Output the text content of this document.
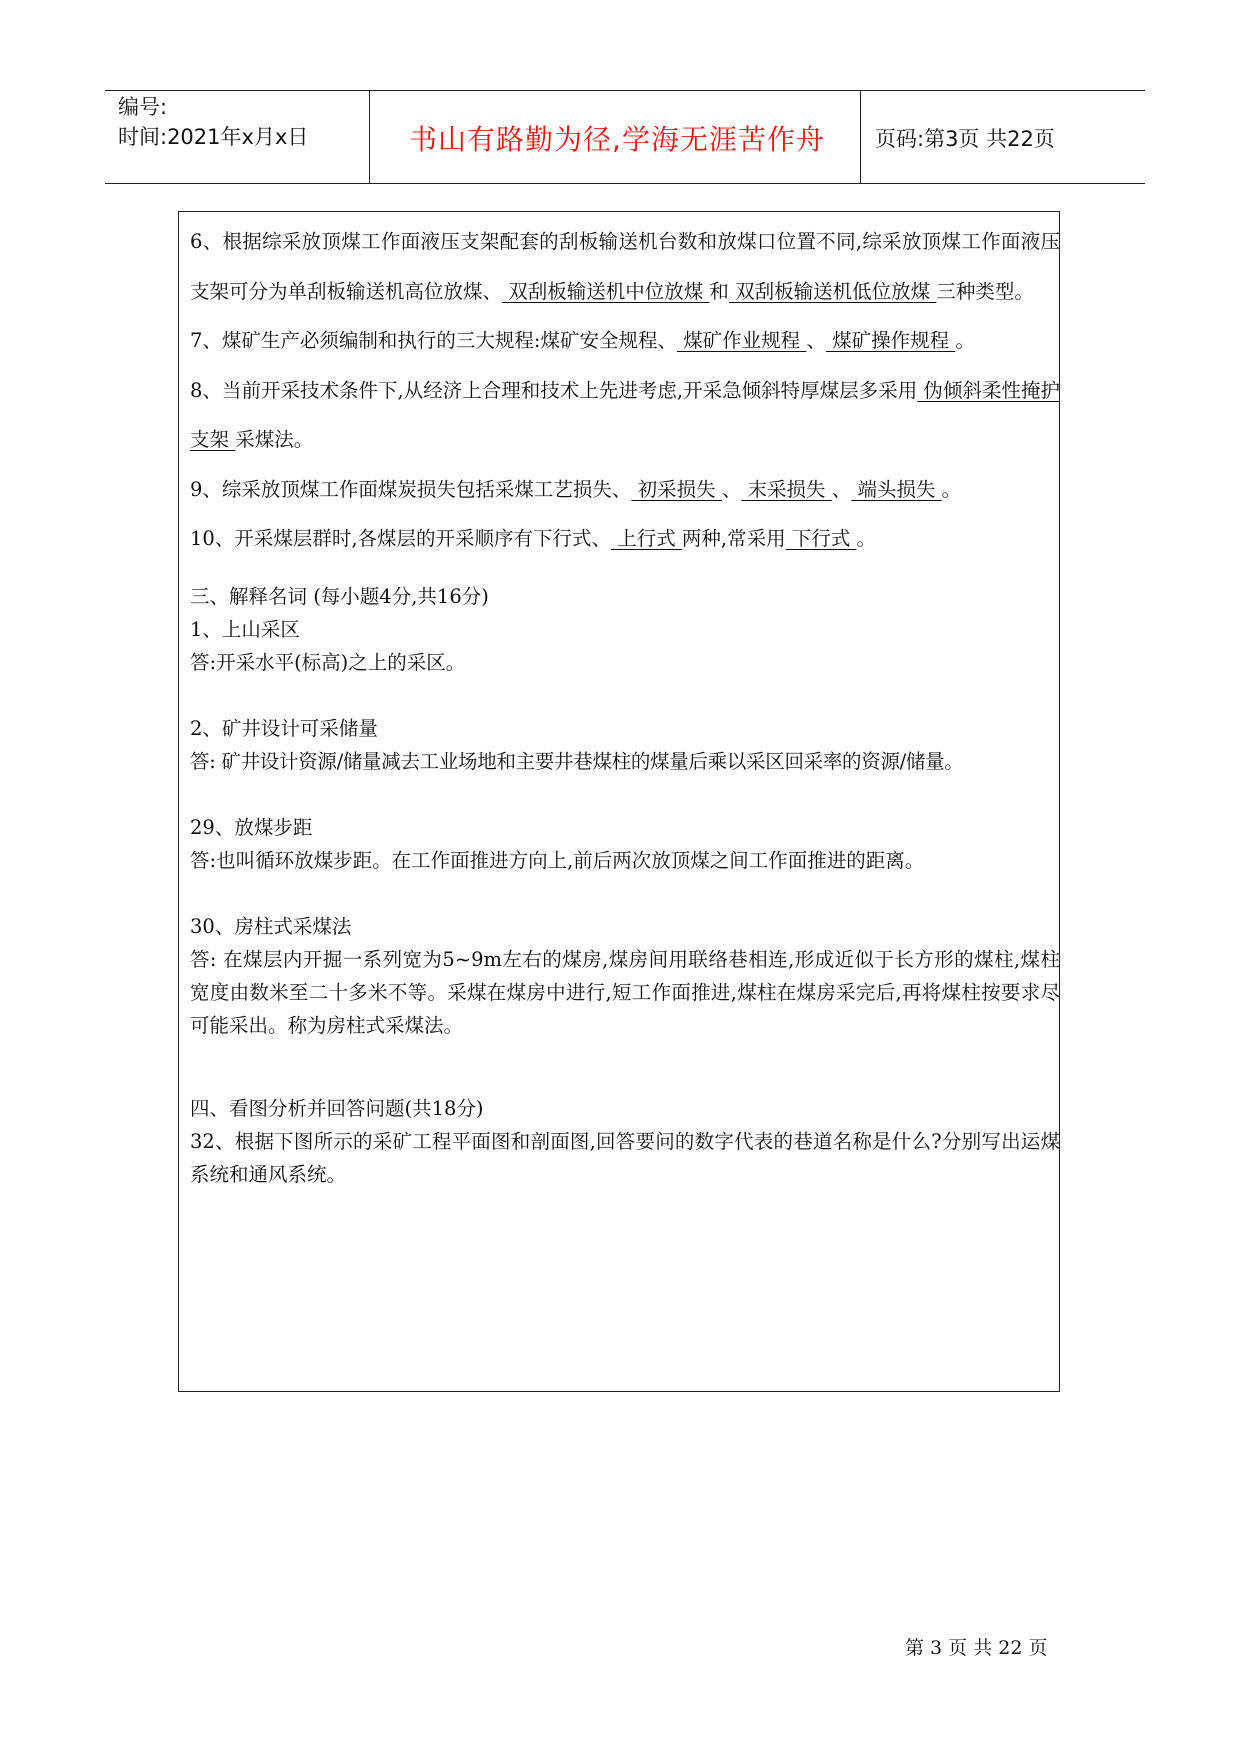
编号:
时间:2021年x月x日	书山有路勤为径,学海无涯苦作舟	页码:第3页 共22页

6、根据综采放顶煤工作面液压支架配套的刮板输送机台数和放煤口位置不同,综采放顶煤工作面液压支架可分为单刮板输送机高位放煤、 双刮板输送机中位放煤 和 双刮板输送机低位放煤 三种类型。

7、煤矿生产必须编制和执行的三大规程:煤矿安全规程、 煤矿作业规程 、 煤矿操作规程 。

8、当前开采技术条件下,从经济上合理和技术上先进考虑,开采急倾斜特厚煤层多采用 伪倾斜柔性掩护支架 采煤法。

9、综采放顶煤工作面煤炭损失包括采煤工艺损失、 初采损失 、 末采损失 、 端头损失 。

10、开采煤层群时,各煤层的开采顺序有下行式、 上行式 两种,常采用 下行式 。

三、解释名词 (每小题4分,共16分)

1、上山采区

答:开采水平(标高)之上的采区。

2、矿井设计可采储量

答: 矿井设计资源/储量减去工业场地和主要井巷煤柱的煤量后乘以采区回采率的资源/储量。

29、放煤步距

答:也叫循环放煤步距。在工作面推进方向上,前后两次放顶煤之间工作面推进的距离。

30、房柱式采煤法

答: 在煤层内开掘一系列宽为5~9m左右的煤房,煤房间用联络巷相连,形成近似于长方形的煤柱,煤柱宽度由数米至二十多米不等。采煤在煤房中进行,短工作面推进,煤柱在煤房采完后,再将煤柱按要求尽可能采出。称为房柱式采煤法。

四、看图分析并回答问题(共18分)

32、根据下图所示的采矿工程平面图和剖面图,回答要问的数字代表的巷道名称是什么?分别写出运煤系统和通风系统。

第 3 页 共 22 页
